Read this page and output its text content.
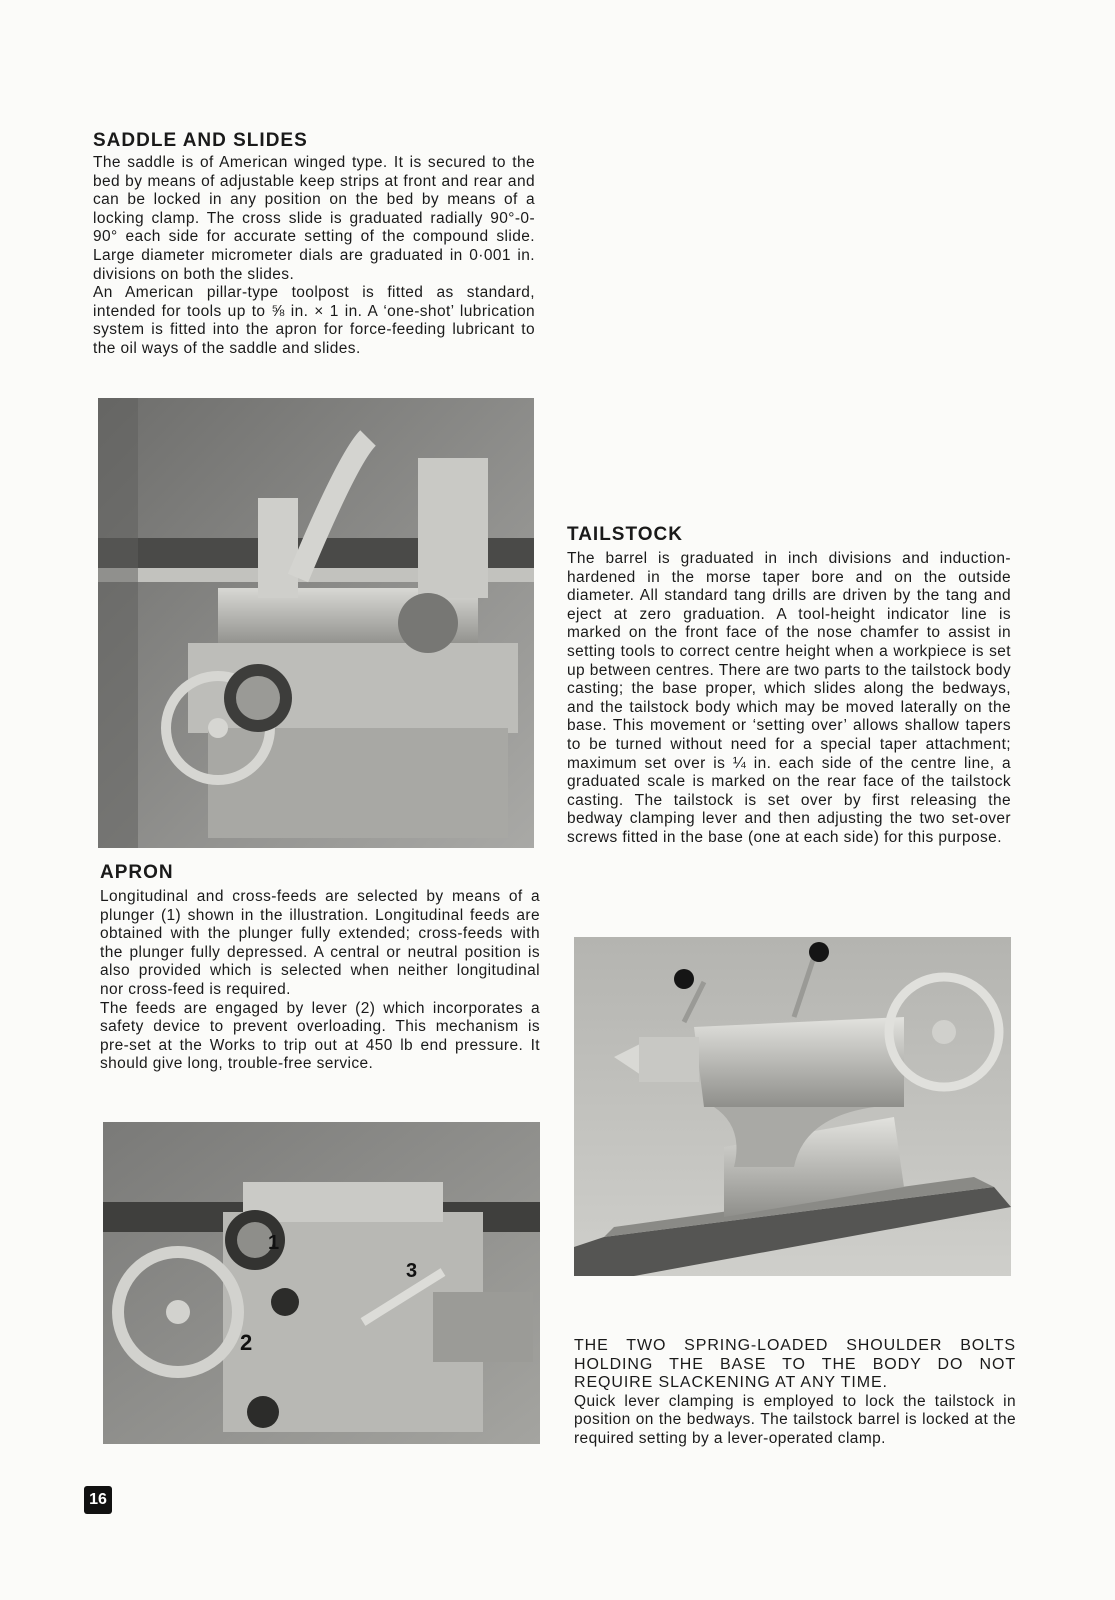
SADDLE AND SLIDES

The saddle is of American winged type. It is secured to the bed by means of adjustable keep strips at front and rear and can be locked in any position on the bed by means of a locking clamp. The cross slide is graduated radially 90°-0-90° each side for accurate setting of the compound slide. Large diameter micrometer dials are graduated in 0·001 in. divisions on both the slides.

An American pillar-type toolpost is fitted as standard, intended for tools up to ⅝ in. × 1 in. A ‘one-shot’ lubrication system is fitted into the apron for force-feeding lubricant to the oil ways of the saddle and slides.

APRON

Longitudinal and cross-feeds are selected by means of a plunger (1) shown in the illustration. Longitudinal feeds are obtained with the plunger fully extended; cross-feeds with the plunger fully depressed. A central or neutral position is also provided which is selected when neither longitudinal nor cross-feed is required.

The feeds are engaged by lever (2) which incorporates a safety device to prevent overloading. This mechanism is pre-set at the Works to trip out at 450 lb end pressure. It should give long, trouble-free service.

1
2
3
TAILSTOCK

The barrel is graduated in inch divisions and induction-hardened in the morse taper bore and on the outside diameter. All standard tang drills are driven by the tang and eject at zero graduation. A tool-height indicator line is marked on the front face of the nose chamfer to assist in setting tools to correct centre height when a workpiece is set up between centres. There are two parts to the tailstock body casting; the base proper, which slides along the bedways, and the tailstock body which may be moved laterally on the base. This movement or ‘setting over’ allows shallow tapers to be turned without need for a special taper attachment; maximum set over is ¼ in. each side of the centre line, a graduated scale is marked on the rear face of the tailstock casting. The tailstock is set over by first releasing the bedway clamping lever and then adjusting the two set-over screws fitted in the base (one at each side) for this purpose.

THE TWO SPRING-LOADED SHOULDER BOLTS HOLDING THE BASE TO THE BODY DO NOT REQUIRE SLACKENING AT ANY TIME.

Quick lever clamping is employed to lock the tailstock in position on the bedways. The tailstock barrel is locked at the required setting by a lever-operated clamp.

16
